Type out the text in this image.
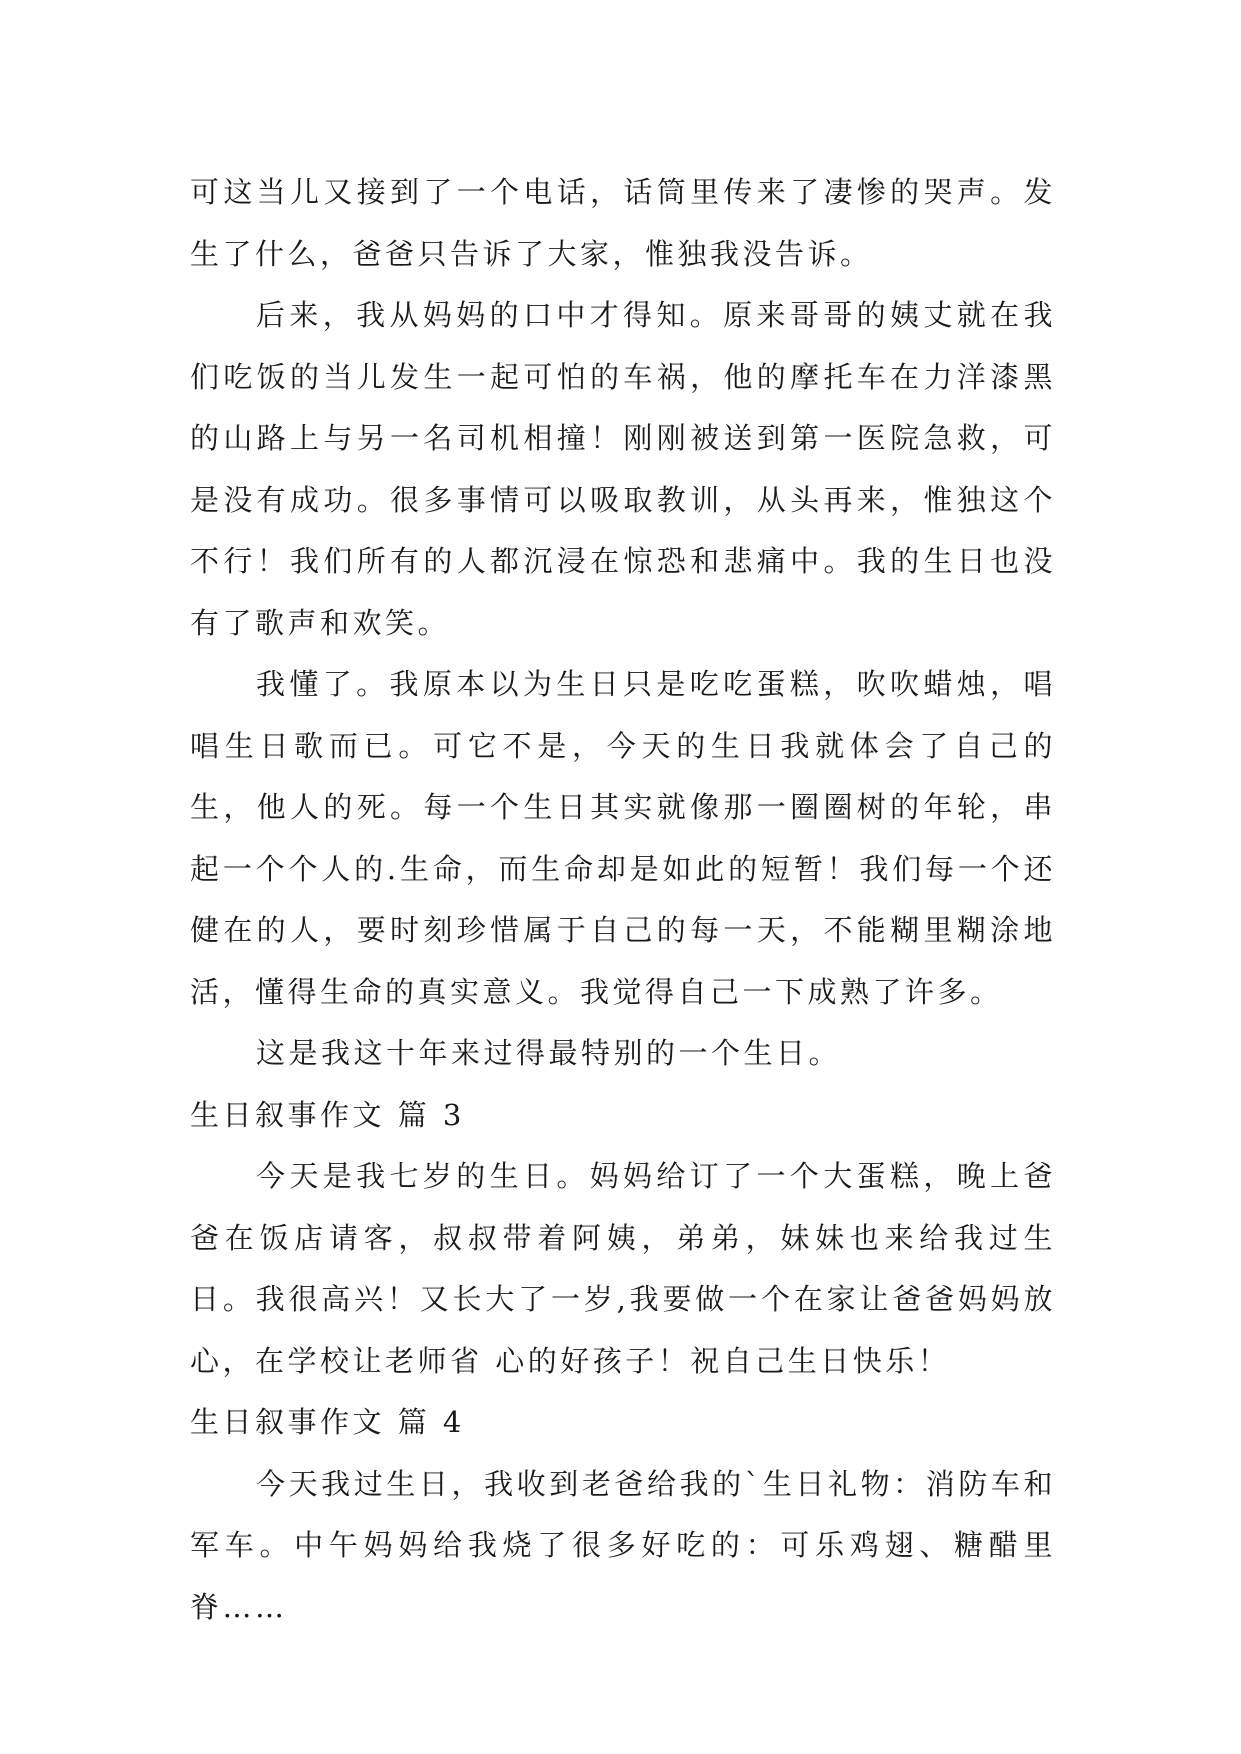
可这当儿又接到了一个电话，话筒里传来了凄惨的哭声。发生了什么，爸爸只告诉了大家，惟独我没告诉。

后来，我从妈妈的口中才得知。原来哥哥的姨丈就在我们吃饭的当儿发生一起可怕的车祸，他的摩托车在力洋漆黑的山路上与另一名司机相撞！刚刚被送到第一医院急救，可是没有成功。很多事情可以吸取教训，从头再来，惟独这个不行！我们所有的人都沉浸在惊恐和悲痛中。我的生日也没有了歌声和欢笑。

我懂了。我原本以为生日只是吃吃蛋糕，吹吹蜡烛，唱唱生日歌而已。可它不是，今天的生日我就体会了自己的生，他人的死。每一个生日其实就像那一圈圈树的年轮，串起一个个人的.生命，而生命却是如此的短暂！我们每一个还健在的人，要时刻珍惜属于自己的每一天，不能糊里糊涂地活，懂得生命的真实意义。我觉得自己一下成熟了许多。

这是我这十年来过得最特别的一个生日。

生日叙事作文 篇 3

今天是我七岁的生日。妈妈给订了一个大蛋糕，晚上爸爸在饭店请客，叔叔带着阿姨，弟弟，妹妹也来给我过生日。我很高兴！又长大了一岁,我要做一个在家让爸爸妈妈放心，在学校让老师省 心的好孩子！祝自己生日快乐！

生日叙事作文 篇 4

今天我过生日，我收到老爸给我的`生日礼物：消防车和军车。中午妈妈给我烧了很多好吃的：可乐鸡翅、糖醋里脊……
